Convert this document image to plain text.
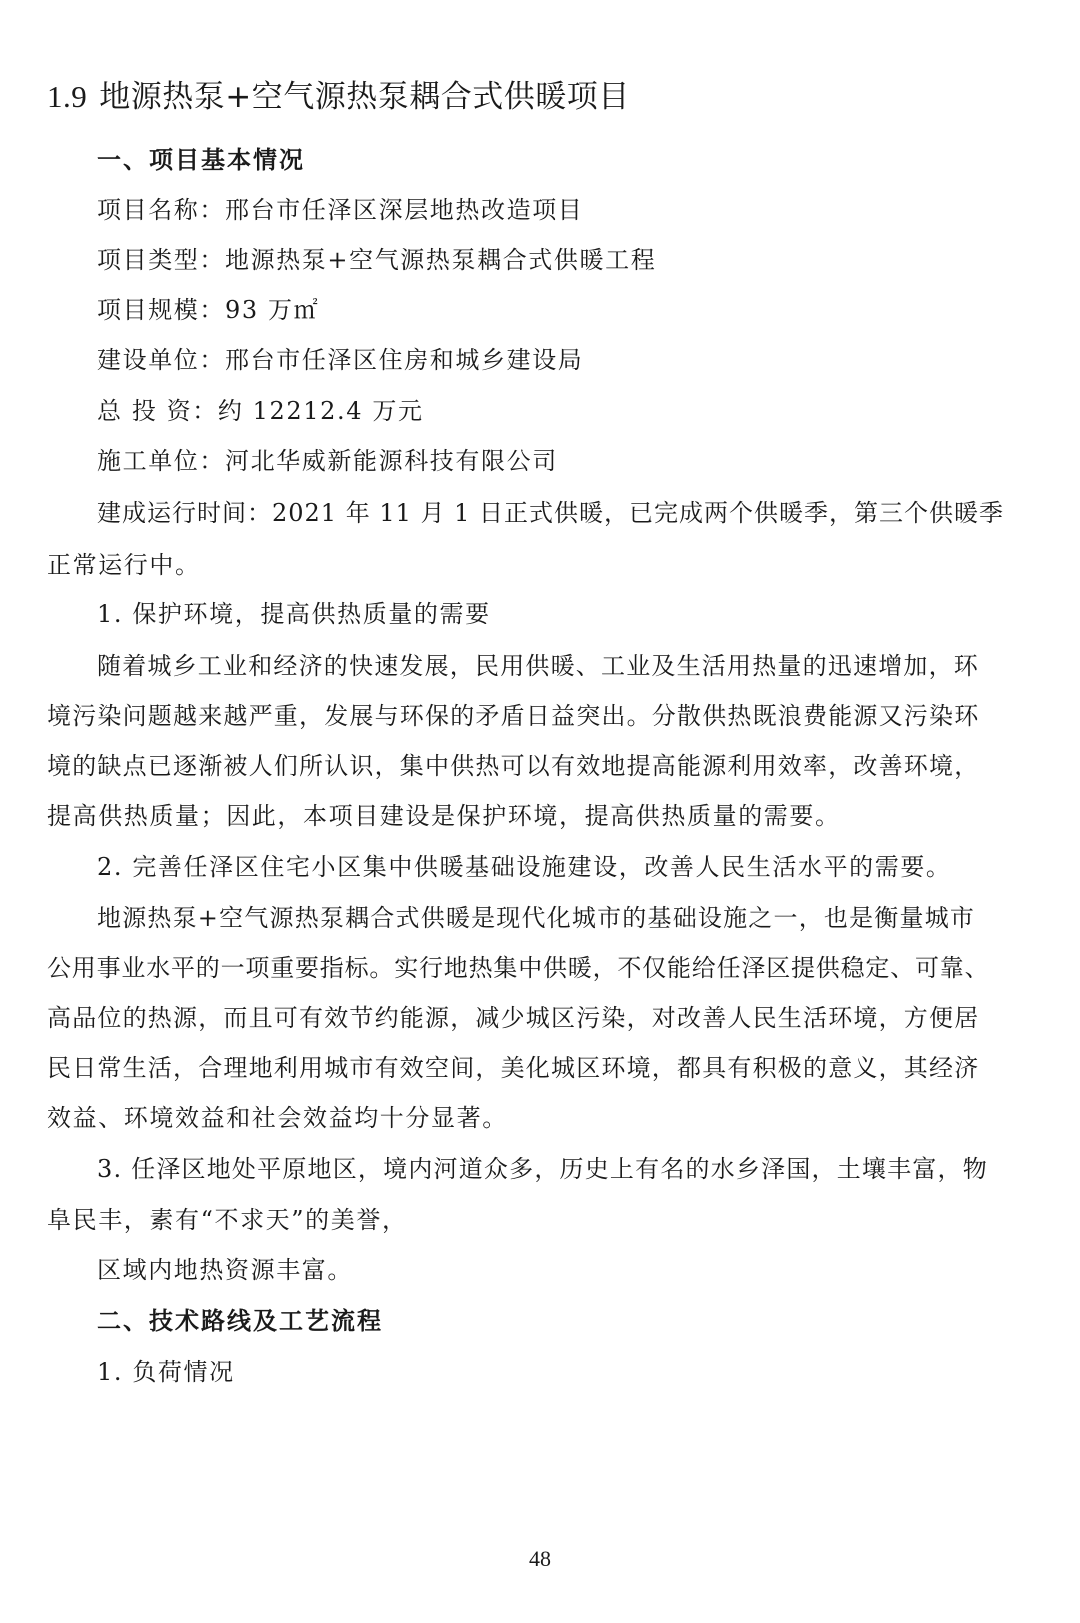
1.9 地源热泵+空气源热泵耦合式供暖项目
一、项目基本情况
项目名称：邢台市任泽区深层地热改造项目
项目类型：地源热泵+空气源热泵耦合式供暖工程
项目规模：93 万㎡
建设单位：邢台市任泽区住房和城乡建设局
总 投 资：约 12212.4 万元
施工单位：河北华威新能源科技有限公司
建成运行时间：2021 年 11 月 1 日正式供暖，已完成两个供暖季，第三个供暖季
正常运行中。
1. 保护环境，提高供热质量的需要
随着城乡工业和经济的快速发展，民用供暖、工业及生活用热量的迅速增加，环
境污染问题越来越严重，发展与环保的矛盾日益突出。分散供热既浪费能源又污染环
境的缺点已逐渐被人们所认识，集中供热可以有效地提高能源利用效率，改善环境，
提高供热质量；因此，本项目建设是保护环境，提高供热质量的需要。
2. 完善任泽区住宅小区集中供暖基础设施建设，改善人民生活水平的需要。
地源热泵+空气源热泵耦合式供暖是现代化城市的基础设施之一，也是衡量城市
公用事业水平的一项重要指标。实行地热集中供暖，不仅能给任泽区提供稳定、可靠、
高品位的热源，而且可有效节约能源，减少城区污染，对改善人民生活环境，方便居
民日常生活，合理地利用城市有效空间，美化城区环境，都具有积极的意义，其经济
效益、环境效益和社会效益均十分显著。
3. 任泽区地处平原地区，境内河道众多，历史上有名的水乡泽国，土壤丰富，物
阜民丰，素有“不求天”的美誉，
区域内地热资源丰富。
二、技术路线及工艺流程
1. 负荷情况
48
